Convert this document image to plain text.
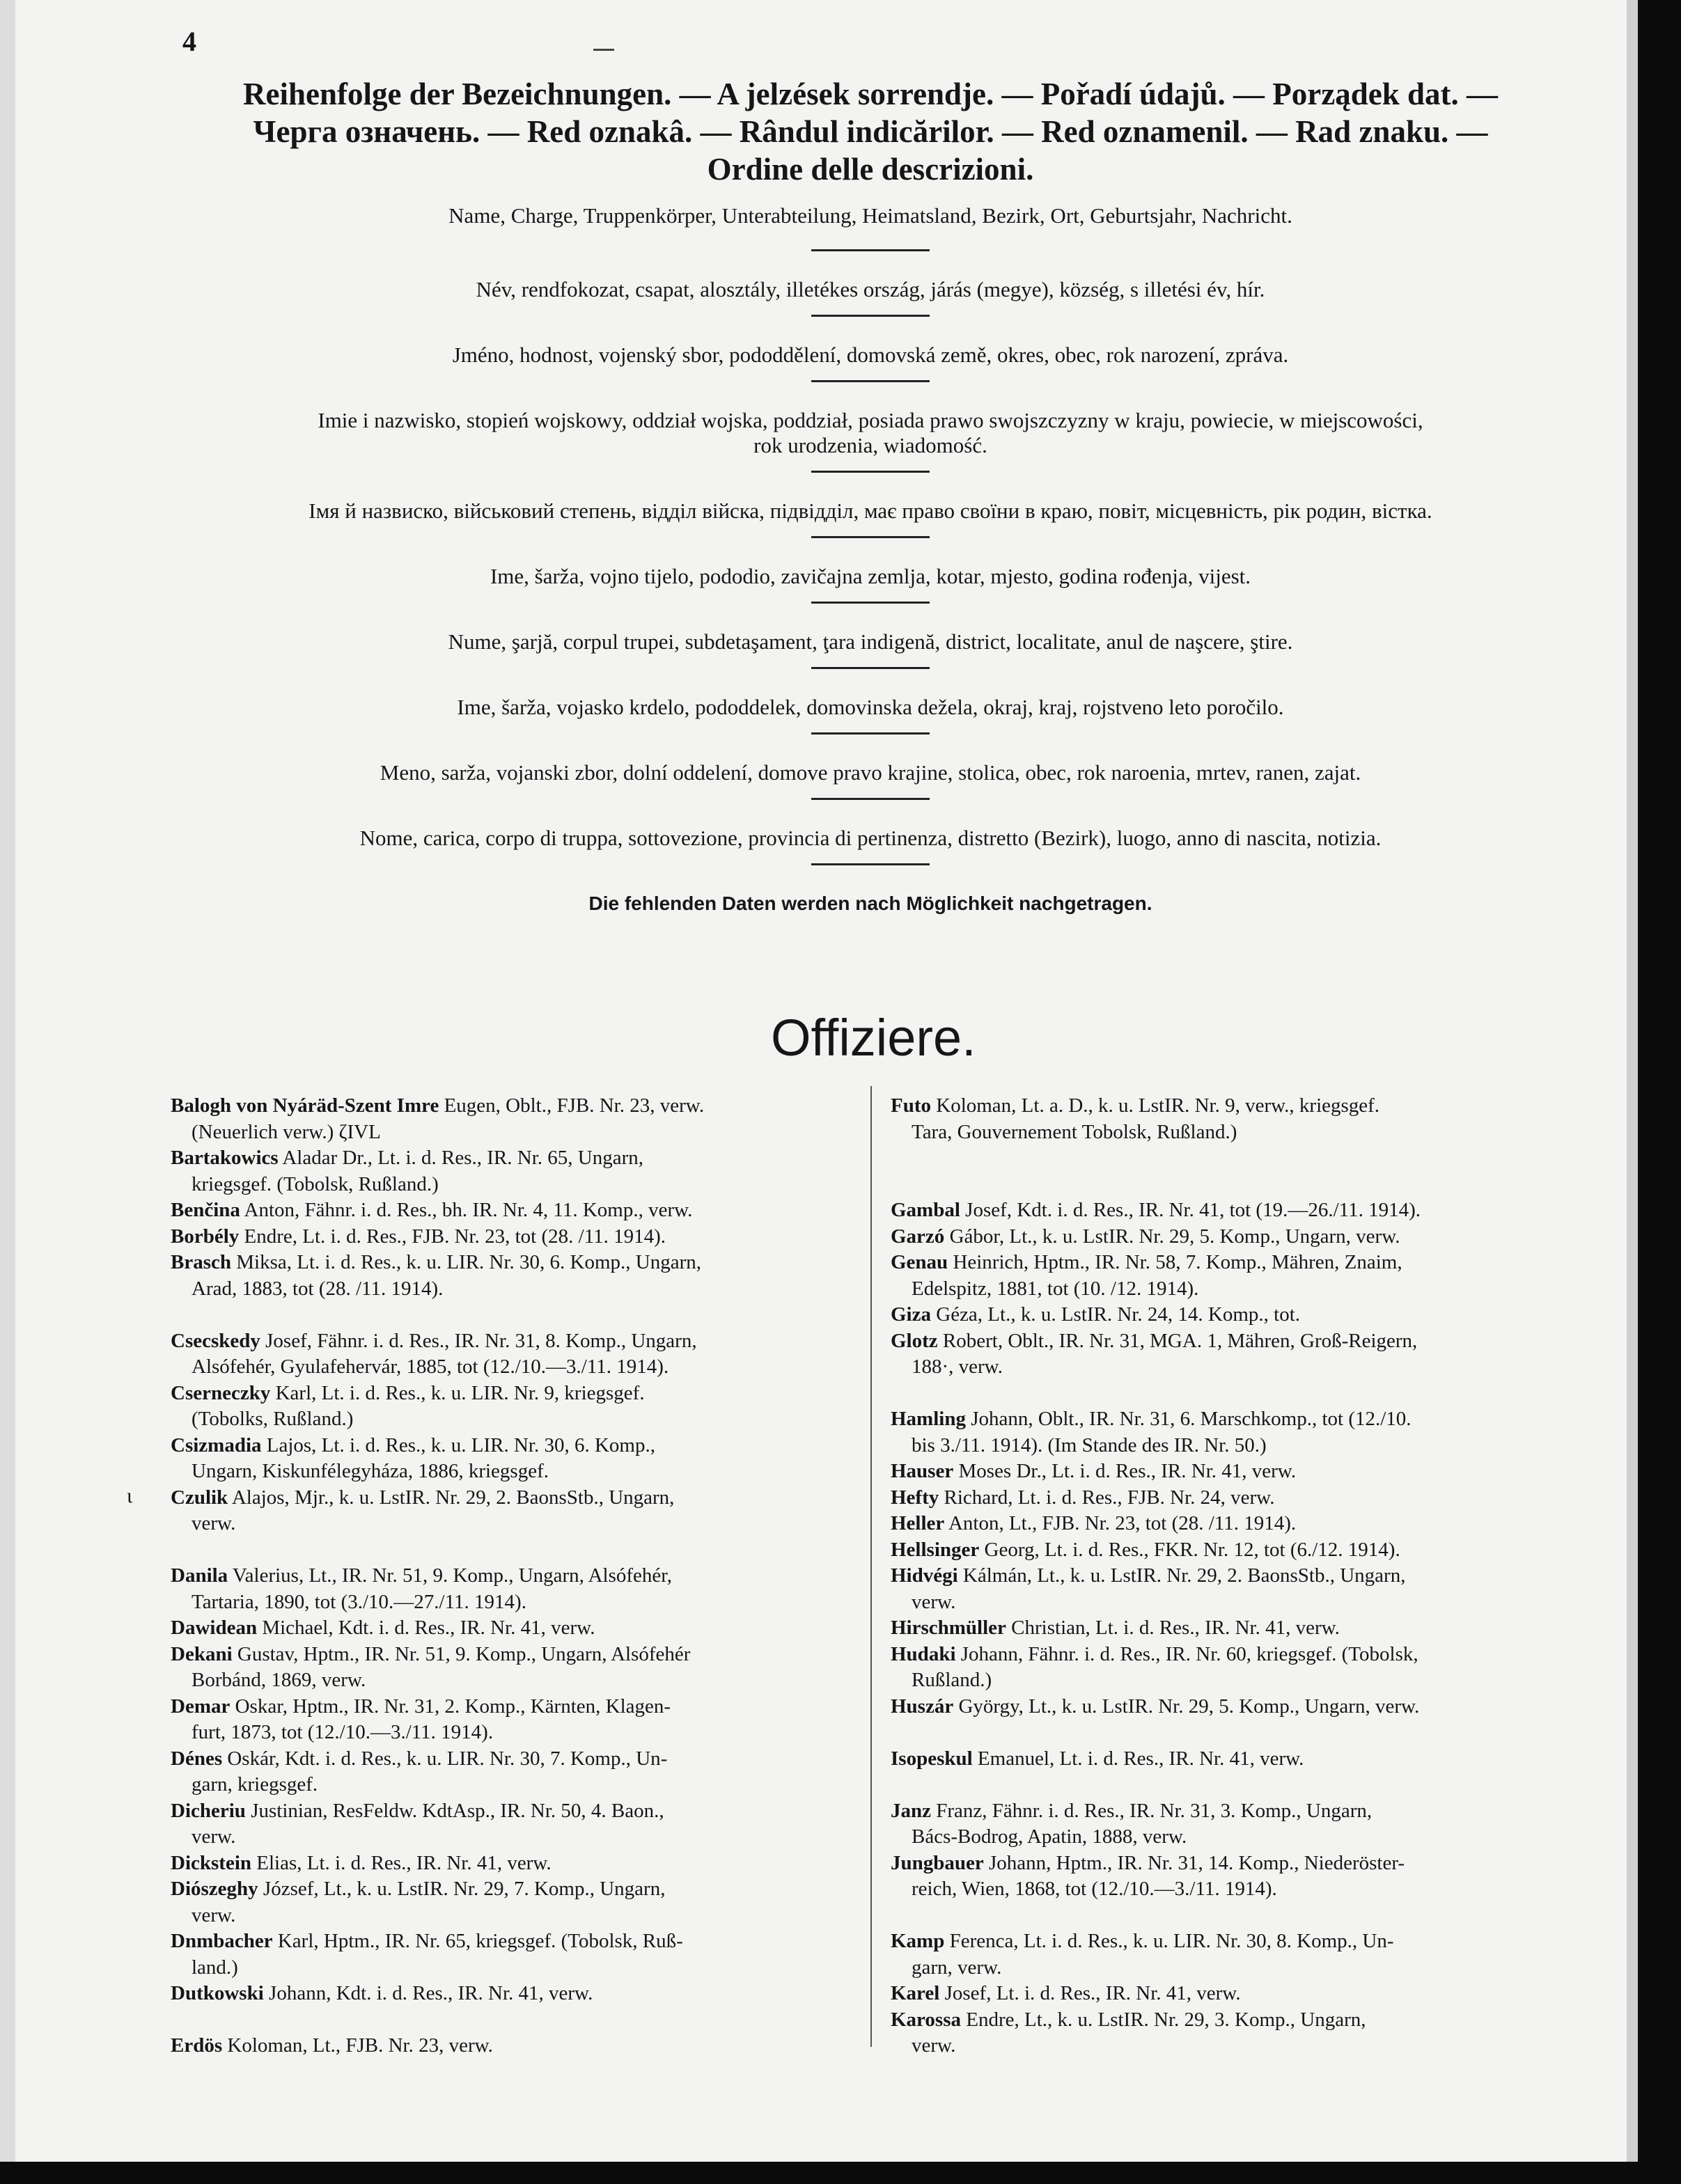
4
Reihenfolge der Bezeichnungen. — A jelzések sorrendje. — Pořadí údajů. — Porządek dat. —
Черга означень. — Red oznakâ. — Rândul indicărilor. — Red oznamenil. — Rad znaku. —
Ordine delle descrizioni.

Name, Charge, Truppenkörper, Unterabteilung, Heimatsland, Bezirk, Ort, Geburtsjahr, Nachricht.

Név, rendfokozat, csapat, alosztály, illetékes ország, járás (megye), község, s illetési év, hír.

Jméno, hodnost, vojenský sbor, pododdělení, domovská země, okres, obec, rok narození, zpráva.

Imie i nazwisko, stopień wojskowy, oddział wojska, poddział, posiada prawo swojszczyzny w kraju, powiecie, w miejscowości,

rok urodzenia, wiadomość.

Імя й назвиско, військовий степень, відділ війска, підвідділ, має право своїни в краю, повіт, місцевність, рік родин, вістка.

Ime, šarža, vojno tijelo, pododio, zavičajna zemlja, kotar, mjesto, godina rođenja, vijest.

Nume, şarjă, corpul trupei, subdetaşament, ţara indigenă, district, localitate, anul de naşcere, ştire.

Ime, šarža, vojasko krdelo, pododdelek, domovinska dežela, okraj, kraj, rojstveno leto poročilo.

Meno, sarža, vojanski zbor, dolní oddelení, domove pravo krajine, stolica, obec, rok naroenia, mrtev, ranen, zajat.

Nome, carica, corpo di truppa, sottovezione, provincia di pertinenza, distretto (Bezirk), luogo, anno di nascita, notizia.

Die fehlenden Daten werden nach Möglichkeit nachgetragen.

Offiziere.
Balogh von Nyáräd-Szent Imre Eugen, Oblt., FJB. Nr. 23, verw.
(Neuerlich verw.) ζIVL
Bartakowics Aladar Dr., Lt. i. d. Res., IR. Nr. 65, Ungarn,
kriegsgef. (Tobolsk, Rußland.)
Benčina Anton, Fähnr. i. d. Res., bh. IR. Nr. 4, 11. Komp., verw.
Borbély Endre, Lt. i. d. Res., FJB. Nr. 23, tot (28. /11. 1914).
Brasch Miksa, Lt. i. d. Res., k. u. LIR. Nr. 30, 6. Komp., Ungarn,
Arad, 1883, tot (28. /11. 1914).
Csecskedy Josef, Fähnr. i. d. Res., IR. Nr. 31, 8. Komp., Ungarn,
Alsófehér, Gyulafehervár, 1885, tot (12./10.—3./11. 1914).
Cserneczky Karl, Lt. i. d. Res., k. u. LIR. Nr. 9, kriegsgef.
(Tobolks, Rußland.)
Csizmadia Lajos, Lt. i. d. Res., k. u. LIR. Nr. 30, 6. Komp.,
Ungarn, Kiskunfélegyháza, 1886, kriegsgef.
Czulik Alajos, Mjr., k. u. LstIR. Nr. 29, 2. BaonsStb., Ungarn,
verw.
Danila Valerius, Lt., IR. Nr. 51, 9. Komp., Ungarn, Alsófehér,
Tartaria, 1890, tot (3./10.—27./11. 1914).
Dawidean Michael, Kdt. i. d. Res., IR. Nr. 41, verw.
Dekani Gustav, Hptm., IR. Nr. 51, 9. Komp., Ungarn, Alsófehér
Borbánd, 1869, verw.
Demar Oskar, Hptm., IR. Nr. 31, 2. Komp., Kärnten, Klagen-
furt, 1873, tot (12./10.—3./11. 1914).
Dénes Oskár, Kdt. i. d. Res., k. u. LIR. Nr. 30, 7. Komp., Un-
garn, kriegsgef.
Dicheriu Justinian, ResFeldw. KdtAsp., IR. Nr. 50, 4. Baon.,
verw.
Dickstein Elias, Lt. i. d. Res., IR. Nr. 41, verw.
Diószeghy József, Lt., k. u. LstIR. Nr. 29, 7. Komp., Ungarn,
verw.
Dnmbacher Karl, Hptm., IR. Nr. 65, kriegsgef. (Tobolsk, Ruß-
land.)
Dutkowski Johann, Kdt. i. d. Res., IR. Nr. 41, verw.
Erdös Koloman, Lt., FJB. Nr. 23, verw.
Futo Koloman, Lt. a. D., k. u. LstIR. Nr. 9, verw., kriegsgef.
Tara, Gouvernement Tobolsk, Rußland.)
Gambal Josef, Kdt. i. d. Res., IR. Nr. 41, tot (19.—26./11. 1914).
Garzó Gábor, Lt., k. u. LstIR. Nr. 29, 5. Komp., Ungarn, verw.
Genau Heinrich, Hptm., IR. Nr. 58, 7. Komp., Mähren, Znaim,
Edelspitz, 1881, tot (10. /12. 1914).
Giza Géza, Lt., k. u. LstIR. Nr. 24, 14. Komp., tot.
Glotz Robert, Oblt., IR. Nr. 31, MGA. 1, Mähren, Groß-Reigern,
188·, verw.
Hamling Johann, Oblt., IR. Nr. 31, 6. Marschkomp., tot (12./10.
bis 3./11. 1914). (Im Stande des IR. Nr. 50.)
Hauser Moses Dr., Lt. i. d. Res., IR. Nr. 41, verw.
Hefty Richard, Lt. i. d. Res., FJB. Nr. 24, verw.
Heller Anton, Lt., FJB. Nr. 23, tot (28. /11. 1914).
Hellsinger Georg, Lt. i. d. Res., FKR. Nr. 12, tot (6./12. 1914).
Hidvégi Kálmán, Lt., k. u. LstIR. Nr. 29, 2. BaonsStb., Ungarn,
verw.
Hirschmüller Christian, Lt. i. d. Res., IR. Nr. 41, verw.
Hudaki Johann, Fähnr. i. d. Res., IR. Nr. 60, kriegsgef. (Tobolsk,
Rußland.)
Huszár György, Lt., k. u. LstIR. Nr. 29, 5. Komp., Ungarn, verw.
Isopeskul Emanuel, Lt. i. d. Res., IR. Nr. 41, verw.
Janz Franz, Fähnr. i. d. Res., IR. Nr. 31, 3. Komp., Ungarn,
Bács-Bodrog, Apatin, 1888, verw.
Jungbauer Johann, Hptm., IR. Nr. 31, 14. Komp., Niederöster-
reich, Wien, 1868, tot (12./10.—3./11. 1914).
Kamp Ferenca, Lt. i. d. Res., k. u. LIR. Nr. 30, 8. Komp., Un-
garn, verw.
Karel Josef, Lt. i. d. Res., IR. Nr. 41, verw.
Karossa Endre, Lt., k. u. LstIR. Nr. 29, 3. Komp., Ungarn,
verw.
ι
